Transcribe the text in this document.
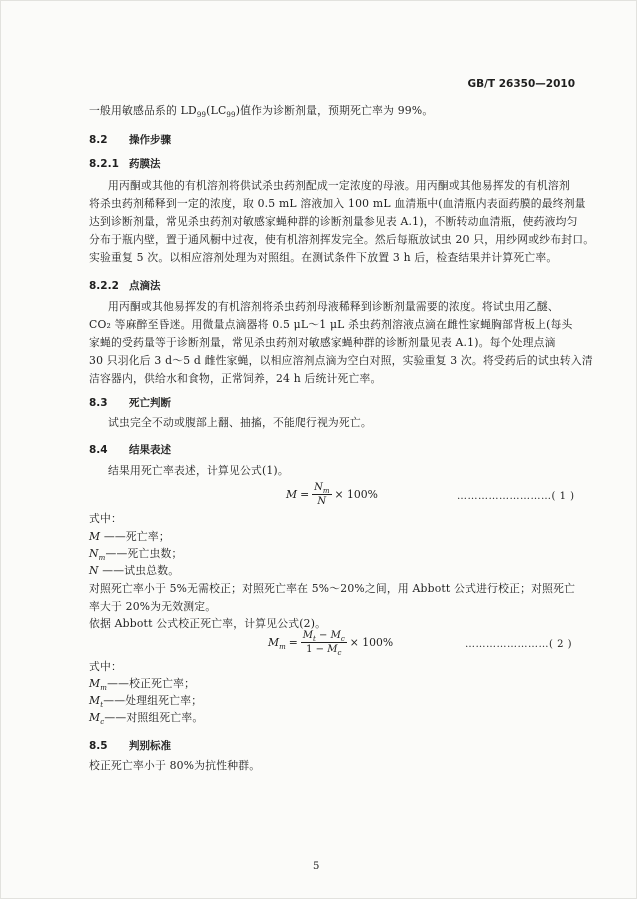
GB/T 26350—2010
一般用敏感品系的 $LD_{99}(LC_{99})$值作为诊断剂量，预期死亡率为 99%。
8.2 操作步骤
8.2.1 药膜法
用丙酮或其他的有机溶剂将供试杀虫药剂配成一定浓度的母液。用丙酮或其他易挥发的有机溶剂
将杀虫药剂稀释到一定的浓度，取 0.5 mL 溶液加入 100 mL 血清瓶中(血清瓶内表面药膜的最终剂量
达到诊断剂量，常见杀虫药剂对敏感家蝇种群的诊断剂量参见表 A.1)，不断转动血清瓶，使药液均匀
分布于瓶内壁，置于通风橱中过夜，使有机溶剂挥发完全。然后每瓶放试虫 20 只，用纱网或纱布封口。
实验重复 5 次。以相应溶剂处理为对照组。在测试条件下放置 3 h 后，检查结果并计算死亡率。
8.2.2 点滴法
用丙酮或其他易挥发的有机溶剂将杀虫药剂母液稀释到诊断剂量需要的浓度。将试虫用乙醚、
CO₂ 等麻醉至昏迷。用微量点滴器将 0.5 μL～1 μL 杀虫药剂溶液点滴在雌性家蝇胸部背板上(每头
家蝇的受药量等于诊断剂量，常见杀虫药剂对敏感家蝇种群的诊断剂量见表 A.1)。每个处理点滴
30 只羽化后 3 d～5 d 雌性家蝇，以相应溶剂点滴为空白对照，实验重复 3 次。将受药后的试虫转入清
洁容器内，供给水和食物，正常饲养，24 h 后统计死亡率。
8.3 死亡判断
试虫完全不动或腹部上翻、抽搐，不能爬行视为死亡。
8.4 结果表述
结果用死亡率表述，计算见公式(1)。
$M = \frac{N_m}{N} \times 100\%$	………………………( 1 )
式中：
M ——死亡率；
$N_m——$死亡虫数；
N ——试虫总数。
对照死亡率小于 5%无需校正；对照死亡率在 5%～20%之间，用 Abbott 公式进行校正；对照死亡
率大于 20%为无效测定。
依据 Abbott 公式校正死亡率，计算见公式(2)。
$M_m = \frac{M_t - M_c}{1 - M_c} \times 100\%$	……………………( 2 )
式中：
$M_m——$校正死亡率；
$M_t——$处理组死亡率；
$M_c——$对照组死亡率。
8.5 判别标准
校正死亡率小于 80%为抗性种群。
5
